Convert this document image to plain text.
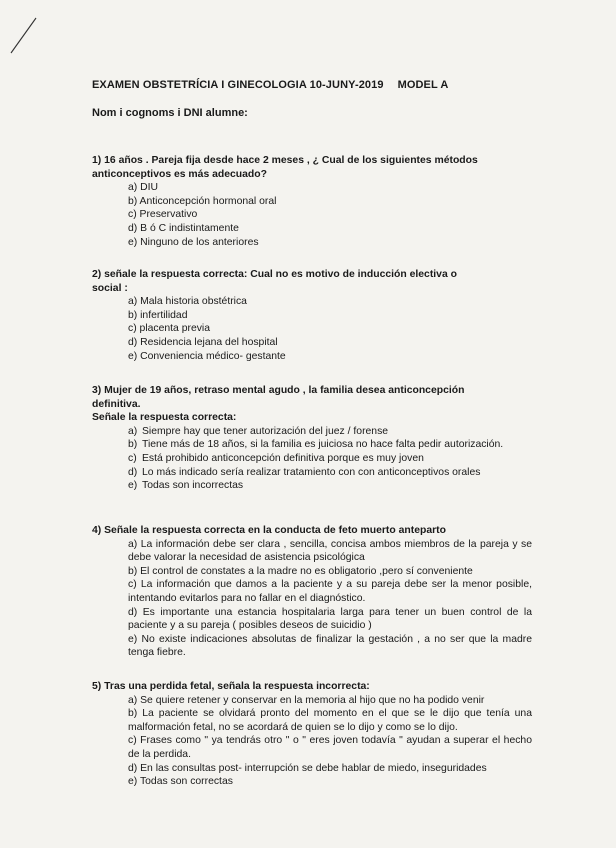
EXAMEN OBSTETRÍCIA I GINECOLOGIA 10-JUNY-2019 MODEL A
Nom i cognoms i DNI alumne:

1) 16 años . Pareja fija desde hace 2 meses , ¿ Cual de los siguientes métodos

anticonceptivos es más adecuado?

a) DIU
b) Anticoncepción hormonal oral
c) Preservativo
d) B ó C indistintamente
e) Ninguno de los anteriores

2) señale la respuesta correcta: Cual no es motivo de inducción electiva o

social :

a) Mala historia obstétrica
b) infertilidad
c) placenta previa
d) Residencia lejana del hospital
e) Conveniencia médico- gestante

3) Mujer de 19 años, retraso mental agudo , la familia desea anticoncepción

definitiva.

Señale la respuesta correcta:

a) Siempre hay que tener autorización del juez / forense
b) Tiene más de 18 años, si la familia es juiciosa no hace falta pedir autorización.
c) Está prohibido anticoncepción definitiva porque es muy joven
d) Lo más indicado sería realizar tratamiento con con anticonceptivos orales
e) Todas son incorrectas

4) Señale la respuesta correcta en la conducta de feto muerto anteparto

a) La información debe ser clara , sencilla, concisa ambos miembros de la pareja y se debe valorar la necesidad de asistencia psicológica
b) El control de constates a la madre no es obligatorio ,pero sí conveniente
c) La información que damos a la paciente y a su pareja debe ser la menor posible, intentando evitarlos para no fallar en el diagnóstico.
d) Es importante una estancia hospitalaria larga para tener un buen control de la paciente y a su pareja ( posibles deseos de suicidio )
e) No existe indicaciones absolutas de finalizar la gestación , a no ser que la madre tenga fiebre.

5) Tras una perdida fetal, señala la respuesta incorrecta:

a) Se quiere retener y conservar en la memoria al hijo que no ha podido venir
b) La paciente se olvidará pronto del momento en el que se le dijo que tenía una malformación fetal, no se acordará de quien se lo dijo y como se lo dijo.
c) Frases como " ya tendrás otro " o " eres joven todavía " ayudan a superar el hecho de la perdida.
d) En las consultas post- interrupción se debe hablar de miedo, inseguridades
e) Todas son correctas
